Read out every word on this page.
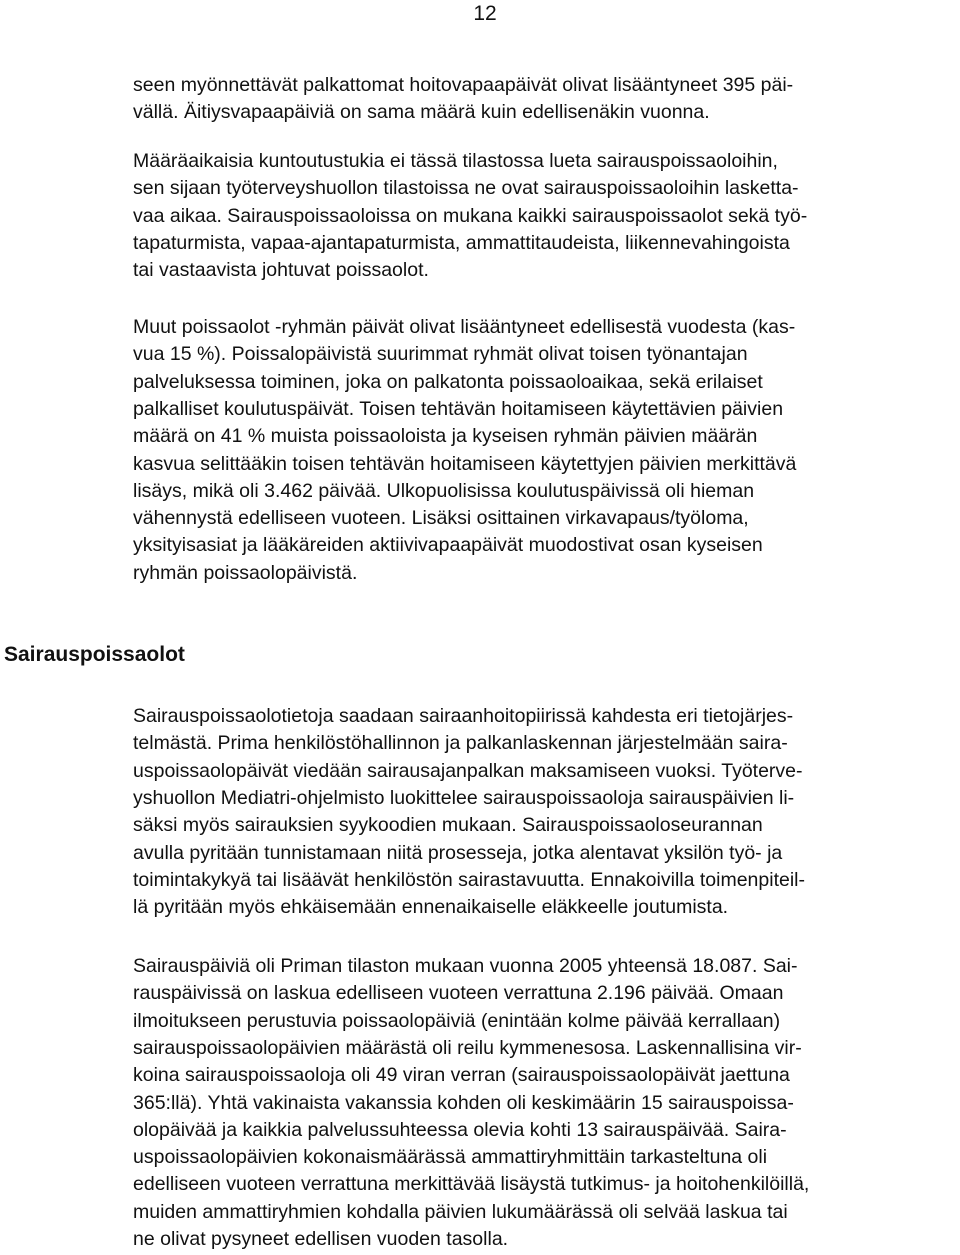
12
Sairauspoissaolot
seen myönnettävät palkattomat hoitovapaapäivät olivat lisääntyneet 395 päi-
vällä. Äitiysvapaapäiviä on sama määrä kuin edellisenäkin vuonna.
Määräaikaisia kuntoutustukia ei tässä tilastossa lueta sairauspoissaoloihin,
sen sijaan työterveyshuollon tilastoissa ne ovat sairauspoissaoloihin lasketta-
vaa aikaa. Sairauspoissaoloissa on mukana kaikki sairauspoissaolot sekä työ-
tapaturmista, vapaa-ajantapaturmista, ammattitaudeista, liikennevahingoista
tai vastaavista johtuvat poissaolot.
Muut poissaolot -ryhmän päivät olivat lisääntyneet edellisestä vuodesta (kas-
vua 15 %). Poissalopäivistä suurimmat ryhmät olivat toisen työnantajan
palveluksessa toiminen, joka on palkatonta poissaoloaikaa, sekä erilaiset
palkalliset koulutuspäivät. Toisen tehtävän hoitamiseen käytettävien päivien
määrä on 41 % muista poissaoloista ja kyseisen ryhmän päivien määrän
kasvua selittääkin toisen tehtävän hoitamiseen käytettyjen päivien merkittävä
lisäys, mikä oli 3.462 päivää. Ulkopuolisissa koulutuspäivissä oli hieman
vähennystä edelliseen vuoteen. Lisäksi osittainen virkavapaus/työloma,
yksityisasiat ja lääkäreiden aktiivivapaapäivät muodostivat osan kyseisen
ryhmän poissaolopäivistä.
Sairauspoissaolotietoja saadaan sairaanhoitopiirissä kahdesta eri tietojärjes-
telmästä. Prima henkilöstöhallinnon ja palkanlaskennan järjestelmään saira-
uspoissaolopäivät viedään sairausajanpalkan maksamiseen vuoksi. Työterve-
yshuollon Mediatri-ohjelmisto luokittelee sairauspoissaoloja sairauspäivien li-
säksi myös sairauksien syykoodien mukaan. Sairauspoissaoloseurannan
avulla pyritään tunnistamaan niitä prosesseja, jotka alentavat yksilön työ- ja
toimintakykyä tai lisäävät henkilöstön sairastavuutta. Ennakoivilla toimenpiteil-
lä pyritään myös ehkäisemään ennenaikaiselle eläkkeelle joutumista.
Sairauspäiviä oli Priman tilaston mukaan vuonna 2005 yhteensä 18.087. Sai-
rauspäivissä on laskua edelliseen vuoteen verrattuna 2.196 päivää. Omaan
ilmoitukseen perustuvia poissaolopäiviä (enintään kolme päivää kerrallaan)
sairauspoissaolopäivien määrästä oli reilu kymmenesosa. Laskennallisina vir-
koina sairauspoissaoloja oli 49 viran verran (sairauspoissaolopäivät jaettuna
365:llä). Yhtä vakinaista vakanssia kohden oli keskimäärin 15 sairauspoissa-
olopäivää ja kaikkia palvelussuhteessa olevia kohti 13 sairauspäivää. Saira-
uspoissaolopäivien kokonaismäärässä ammattiryhmittäin tarkasteltuna oli
edelliseen vuoteen verrattuna merkittävää lisäystä tutkimus- ja hoitohenkilöillä,
muiden ammattiryhmien kohdalla päivien lukumäärässä oli selvää laskua tai
ne olivat pysyneet edellisen vuoden tasolla.
